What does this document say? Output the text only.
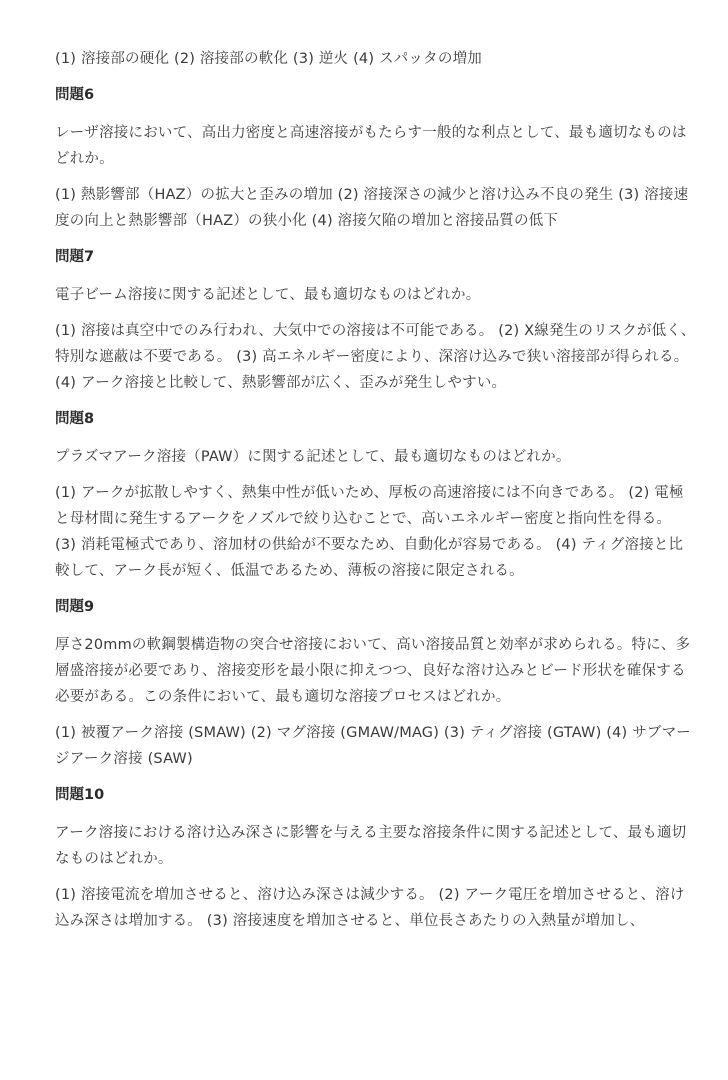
(1) 溶接部の硬化 (2) 溶接部の軟化 (3) 逆火 (4) スパッタの増加

問題6

レーザ溶接において、高出力密度と高速溶接がもたらす一般的な利点として、最も適切なものはどれか。

(1) 熱影響部（HAZ）の拡大と歪みの増加 (2) 溶接深さの減少と溶け込み不良の発生 (3) 溶接速度の向上と熱影響部（HAZ）の狭小化 (4) 溶接欠陥の増加と溶接品質の低下

問題7

電子ビーム溶接に関する記述として、最も適切なものはどれか。

(1) 溶接は真空中でのみ行われ、大気中での溶接は不可能である。 (2) X線発生のリスクが低く、特別な遮蔽は不要である。 (3) 高エネルギー密度により、深溶け込みで狭い溶接部が得られる。 (4) アーク溶接と比較して、熱影響部が広く、歪みが発生しやすい。

問題8

プラズマアーク溶接（PAW）に関する記述として、最も適切なものはどれか。

(1) アークが拡散しやすく、熱集中性が低いため、厚板の高速溶接には不向きである。 (2) 電極と母材間に発生するアークをノズルで絞り込むことで、高いエネルギー密度と指向性を得る。 (3) 消耗電極式であり、溶加材の供給が不要なため、自動化が容易である。 (4) ティグ溶接と比較して、アーク長が短く、低温であるため、薄板の溶接に限定される。

問題9

厚さ20mmの軟鋼製構造物の突合せ溶接において、高い溶接品質と効率が求められる。特に、多層盛溶接が必要であり、溶接変形を最小限に抑えつつ、良好な溶け込みとビード形状を確保する必要がある。この条件において、最も適切な溶接プロセスはどれか。

(1) 被覆アーク溶接 (SMAW) (2) マグ溶接 (GMAW/MAG) (3) ティグ溶接 (GTAW) (4) サブマージアーク溶接 (SAW)

問題10

アーク溶接における溶け込み深さに影響を与える主要な溶接条件に関する記述として、最も適切なものはどれか。

(1) 溶接電流を増加させると、溶け込み深さは減少する。 (2) アーク電圧を増加させると、溶け込み深さは増加する。 (3) 溶接速度を増加させると、単位長さあたりの入熱量が増加し、
